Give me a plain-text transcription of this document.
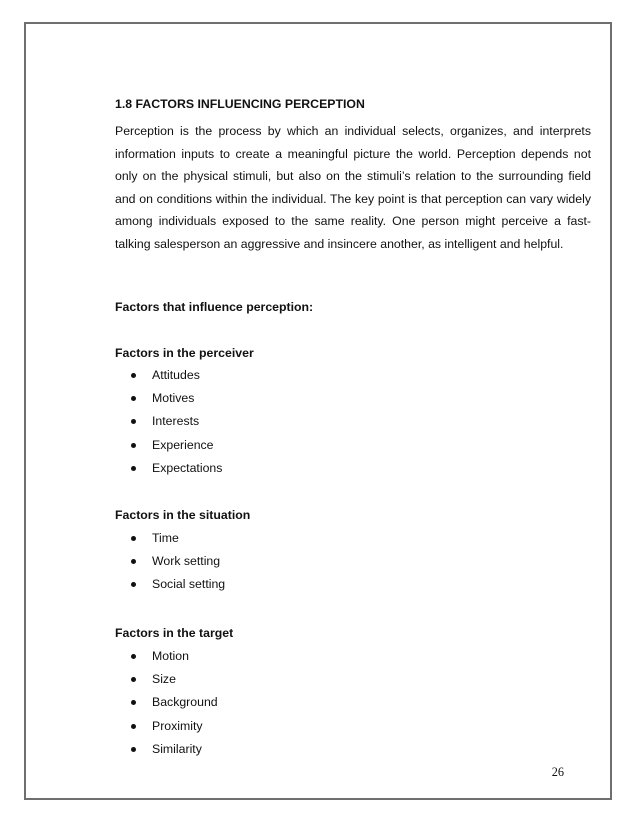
1.8 FACTORS INFLUENCING PERCEPTION

Perception is the process by which an individual selects, organizes, and interprets information inputs to create a meaningful picture the world. Perception depends not only on the physical stimuli, but also on the stimuli’s relation to the surrounding field and on conditions within the individual. The key point is that perception can vary widely among individuals exposed to the same reality. One person might perceive a fast-talking salesperson an aggressive and insincere another, as intelligent and helpful.

Factors that influence perception:

Factors in the perceiver

Attitudes
Motives
Interests
Experience
Expectations

Factors in the situation

Time
Work setting
Social setting

Factors in the target

Motion
Size
Background
Proximity
Similarity
26
